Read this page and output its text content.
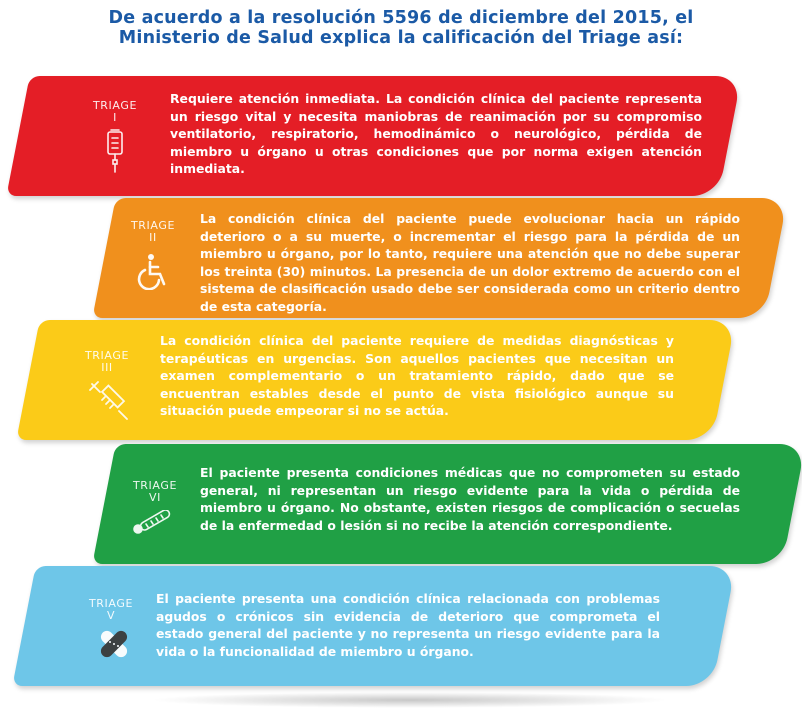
De acuerdo a la resolución 5596 de diciembre del 2015, el
Ministerio de Salud explica la calificación del Triage así:
TRIAGE
I
Requiere atención inmediata. La condición clínica del paciente representa un riesgo vital y necesita maniobras de reanimación por su compromiso ventilatorio, respiratorio, hemodinámico o neurológico, pérdida de miembro u órgano u otras condiciones que por norma exigen atención inmediata.
TRIAGE
II
La condición clínica del paciente puede evolucionar hacia un rápido deterioro o a su muerte, o incrementar el riesgo para la pérdida de un miembro u órgano, por lo tanto, requiere una atención que no debe superar los treinta (30) minutos. La presencia de un dolor extremo de acuerdo con el sistema de clasificación usado debe ser considerada como un criterio dentro de esta categoría.
TRIAGE
III
La condición clínica del paciente requiere de medidas diagnósticas y terapéuticas en urgencias. Son aquellos pacientes que necesitan un examen complementario o un tratamiento rápido, dado que se encuentran estables desde el punto de vista fisiológico aunque su situación puede empeorar si no se actúa.
TRIAGE
VI
El paciente presenta condiciones médicas que no comprometen su estado general, ni representan un riesgo evidente para la vida o pérdida de miembro u órgano. No obstante, existen riesgos de complicación o secuelas de la enfermedad o lesión si no recibe la atención correspondiente.
TRIAGE
V
El paciente presenta una condición clínica relacionada con problemas agudos o crónicos sin evidencia de deterioro que comprometa el estado general del paciente y no representa un riesgo evidente para la vida o la funcionalidad de miembro u órgano.
